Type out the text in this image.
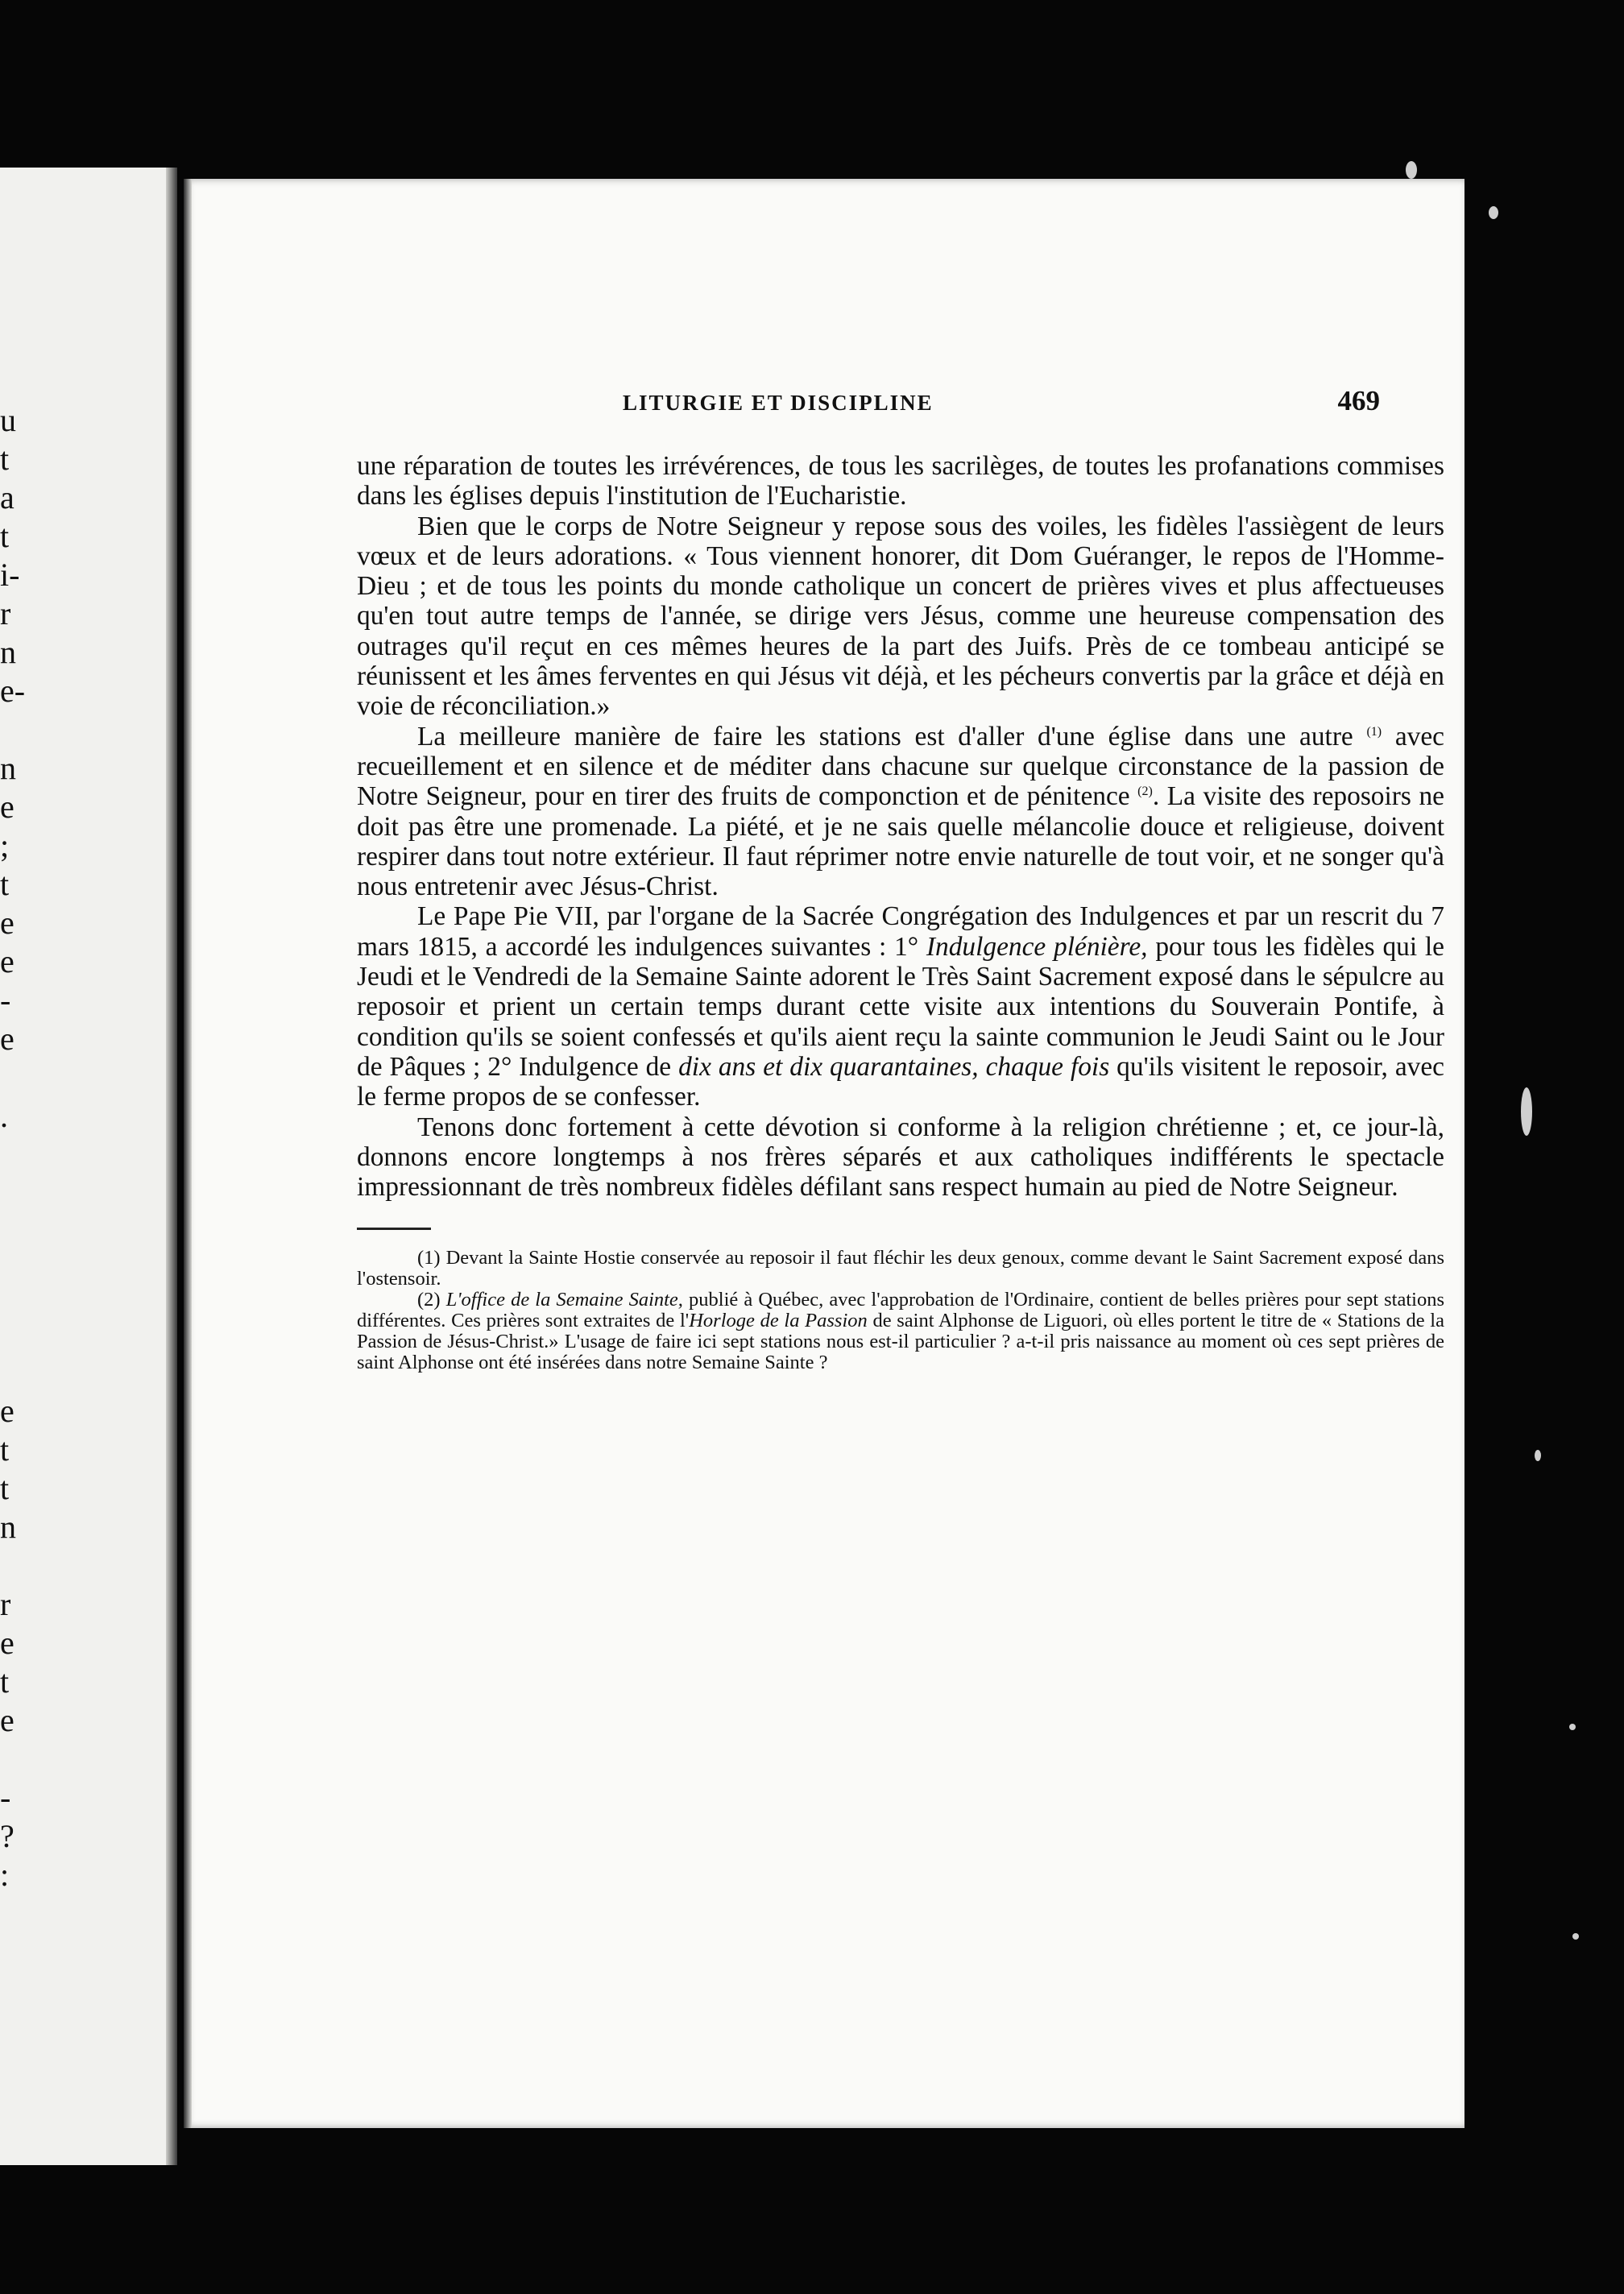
u
t
a
t
i-
r
n
e-
n
e
;
t
e
e
-
e
.
e
t
t
n
r
e
t
e
-
?
:
LITURGIE ET DISCIPLINE	469

une réparation de toutes les irrévérences, de tous les sacrilèges, de toutes les profanations commises dans les églises depuis l'institution de l'Eucharistie.

Bien que le corps de Notre Seigneur y repose sous des voiles, les fidèles l'assiègent de leurs vœux et de leurs adorations. « Tous viennent honorer, dit Dom Guéranger, le repos de l'Homme-Dieu ; et de tous les points du monde catholique un concert de prières vives et plus affectueuses qu'en tout autre temps de l'année, se dirige vers Jésus, comme une heureuse compensation des outrages qu'il reçut en ces mêmes heures de la part des Juifs. Près de ce tombeau anticipé se réunissent et les âmes ferventes en qui Jésus vit déjà, et les pécheurs convertis par la grâce et déjà en voie de réconciliation.»

La meilleure manière de faire les stations est d'aller d'une église dans une autre $^{(1)}$ avec recueillement et en silence et de méditer dans chacune sur quelque circonstance de la passion de Notre Seigneur, pour en tirer des fruits de componction et de pénitence $^{(2)}$. La visite des reposoirs ne doit pas être une promenade. La piété, et je ne sais quelle mélancolie douce et religieuse, doivent respirer dans tout notre extérieur. Il faut réprimer notre envie naturelle de tout voir, et ne songer qu'à nous entretenir avec Jésus-Christ.

Le Pape Pie VII, par l'organe de la Sacrée Congrégation des Indulgences et par un rescrit du 7 mars 1815, a accordé les indulgences suivantes : 1° Indulgence plénière, pour tous les fidèles qui le Jeudi et le Vendredi de la Semaine Sainte adorent le Très Saint Sacrement exposé dans le sépulcre au reposoir et prient un certain temps durant cette visite aux intentions du Souverain Pontife, à condition qu'ils se soient confessés et qu'ils aient reçu la sainte communion le Jeudi Saint ou le Jour de Pâques ; 2° Indulgence de dix ans et dix quarantaines, chaque fois qu'ils visitent le reposoir, avec le ferme propos de se confesser.

Tenons donc fortement à cette dévotion si conforme à la religion chrétienne ; et, ce jour-là, donnons encore longtemps à nos frères séparés et aux catholiques indifférents le spectacle impressionnant de très nombreux fidèles défilant sans respect humain au pied de Notre Seigneur.

(1) Devant la Sainte Hostie conservée au reposoir il faut fléchir les deux genoux, comme devant le Saint Sacrement exposé dans l'ostensoir.

(2) L'office de la Semaine Sainte, publié à Québec, avec l'approbation de l'Ordinaire, contient de belles prières pour sept stations différentes. Ces prières sont extraites de l'Horloge de la Passion de saint Alphonse de Liguori, où elles portent le titre de « Stations de la Passion de Jésus-Christ.» L'usage de faire ici sept stations nous est-il particulier ? a-t-il pris naissance au moment où ces sept prières de saint Alphonse ont été insérées dans notre Semaine Sainte ?
